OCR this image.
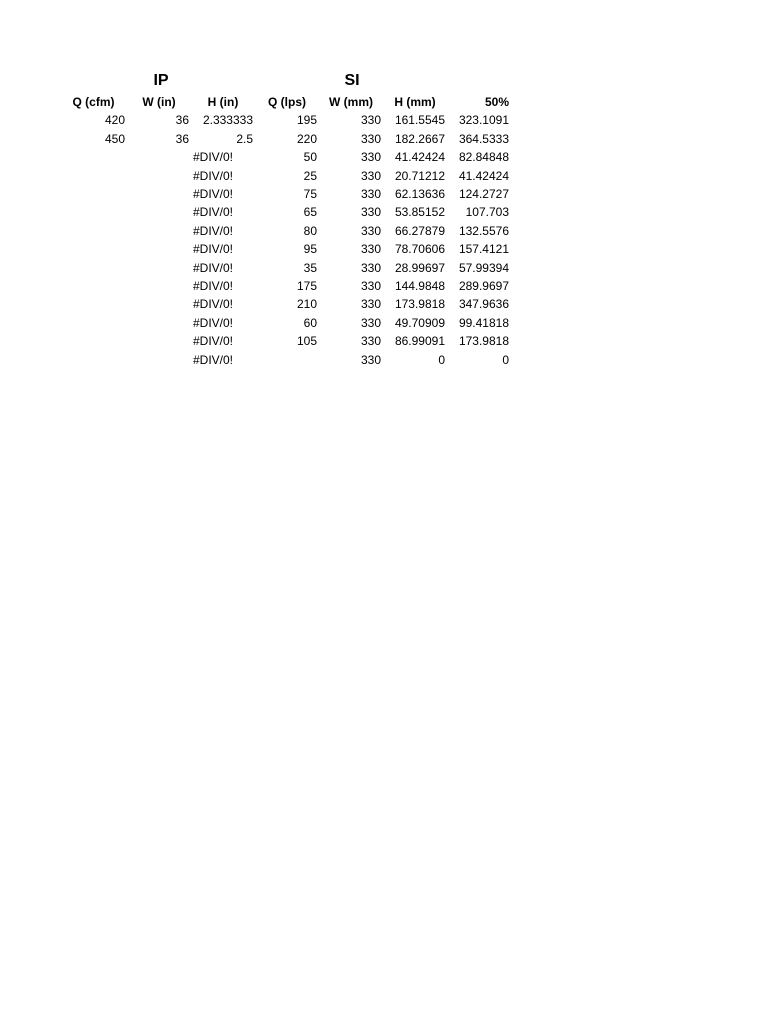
IP	SI
Q (cfm)	W (in)	H (in)	Q (lps)	W (mm)	H (mm)	50%
420	36	2.333333	195	330	161.5545	323.1091
450	36	2.5	220	330	182.2667	364.5333
		#DIV/0!	50	330	41.42424	82.84848
		#DIV/0!	25	330	20.71212	41.42424
		#DIV/0!	75	330	62.13636	124.2727
		#DIV/0!	65	330	53.85152	107.703
		#DIV/0!	80	330	66.27879	132.5576
		#DIV/0!	95	330	78.70606	157.4121
		#DIV/0!	35	330	28.99697	57.99394
		#DIV/0!	175	330	144.9848	289.9697
		#DIV/0!	210	330	173.9818	347.9636
		#DIV/0!	60	330	49.70909	99.41818
		#DIV/0!	105	330	86.99091	173.9818
		#DIV/0!		330	0	0
